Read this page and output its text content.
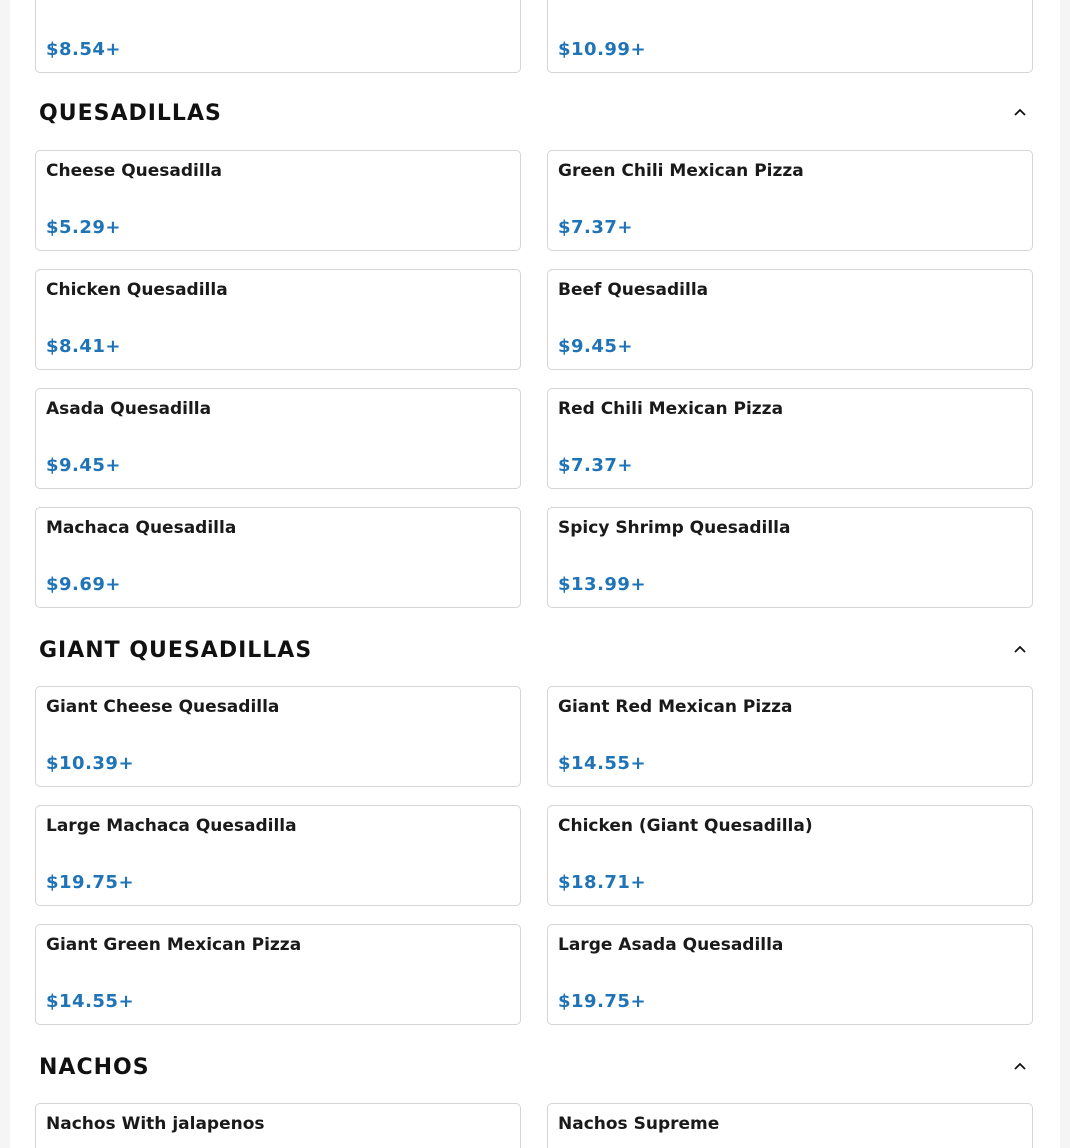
$8.54+	$10.99+
QUESADILLAS
Cheese Quesadilla
$5.29+
Green Chili Mexican Pizza
$7.37+
Chicken Quesadilla
$8.41+
Beef Quesadilla
$9.45+
Asada Quesadilla
$9.45+
Red Chili Mexican Pizza
$7.37+
Machaca Quesadilla
$9.69+
Spicy Shrimp Quesadilla
$13.99+
GIANT QUESADILLAS
Giant Cheese Quesadilla
$10.39+
Giant Red Mexican Pizza
$14.55+
Large Machaca Quesadilla
$19.75+
Chicken (Giant Quesadilla)
$18.71+
Giant Green Mexican Pizza
$14.55+
Large Asada Quesadilla
$19.75+
NACHOS
Nachos With jalapenos	Nachos Supreme
